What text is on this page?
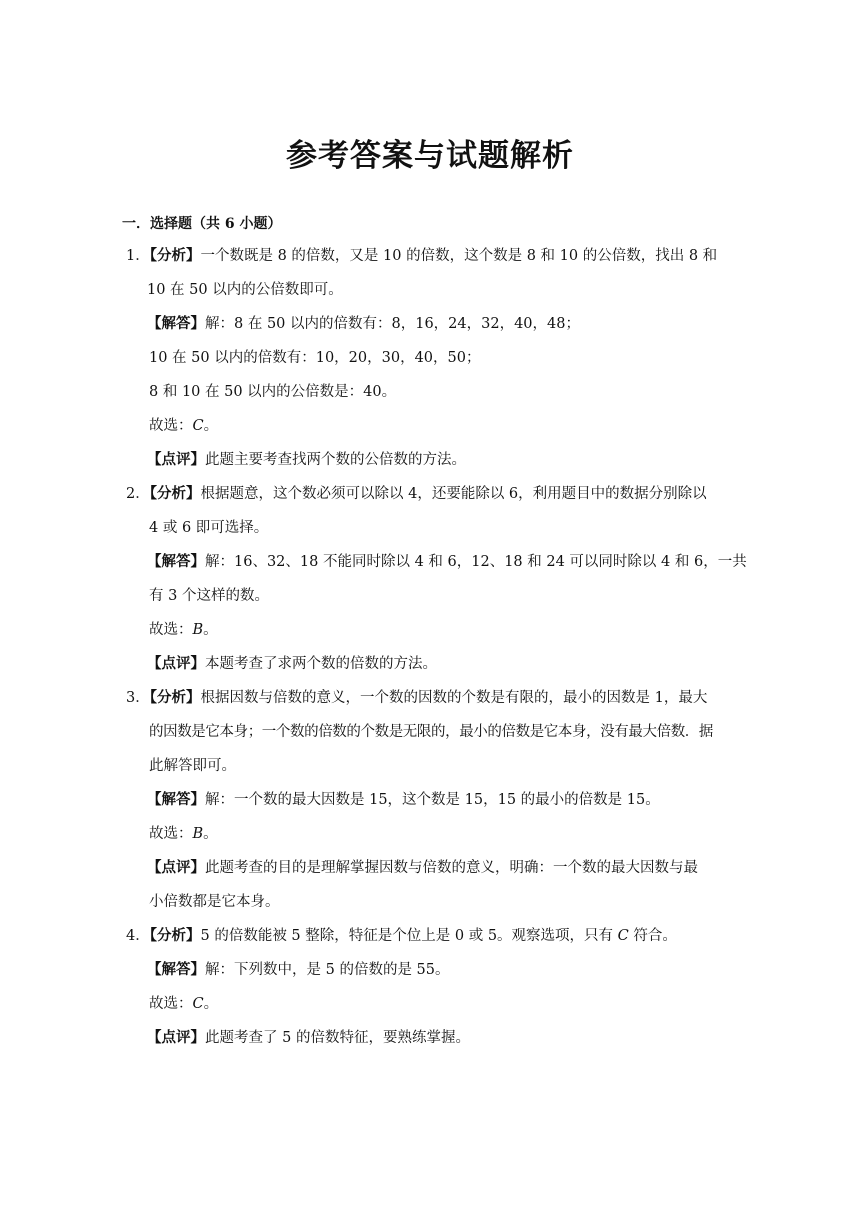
参考答案与试题解析
一．选择题（共 6 小题）
1．【分析】一个数既是 8 的倍数，又是 10 的倍数，这个数是 8 和 10 的公倍数，找出 8 和
10 在 50 以内的公倍数即可。
【解答】解：8 在 50 以内的倍数有：8，16，24，32，40，48；
10 在 50 以内的倍数有：10，20，30，40，50；
8 和 10 在 50 以内的公倍数是：40。
故选：C。
【点评】此题主要考查找两个数的公倍数的方法。
2．【分析】根据题意，这个数必须可以除以 4，还要能除以 6，利用题目中的数据分别除以
4 或 6 即可选择。
【解答】解：16、32、18 不能同时除以 4 和 6，12、18 和 24 可以同时除以 4 和 6，一共
有 3 个这样的数。
故选：B。
【点评】本题考查了求两个数的倍数的方法。
3．【分析】根据因数与倍数的意义，一个数的因数的个数是有限的，最小的因数是 1，最大
的因数是它本身；一个数的倍数的个数是无限的，最小的倍数是它本身，没有最大倍数．据
此解答即可。
【解答】解：一个数的最大因数是 15，这个数是 15，15 的最小的倍数是 15。
故选：B。
【点评】此题考查的目的是理解掌握因数与倍数的意义，明确：一个数的最大因数与最
小倍数都是它本身。
4．【分析】5 的倍数能被 5 整除，特征是个位上是 0 或 5。观察选项，只有 C 符合。
【解答】解：下列数中，是 5 的倍数的是 55。
故选：C。
【点评】此题考查了 5 的倍数特征，要熟练掌握。
